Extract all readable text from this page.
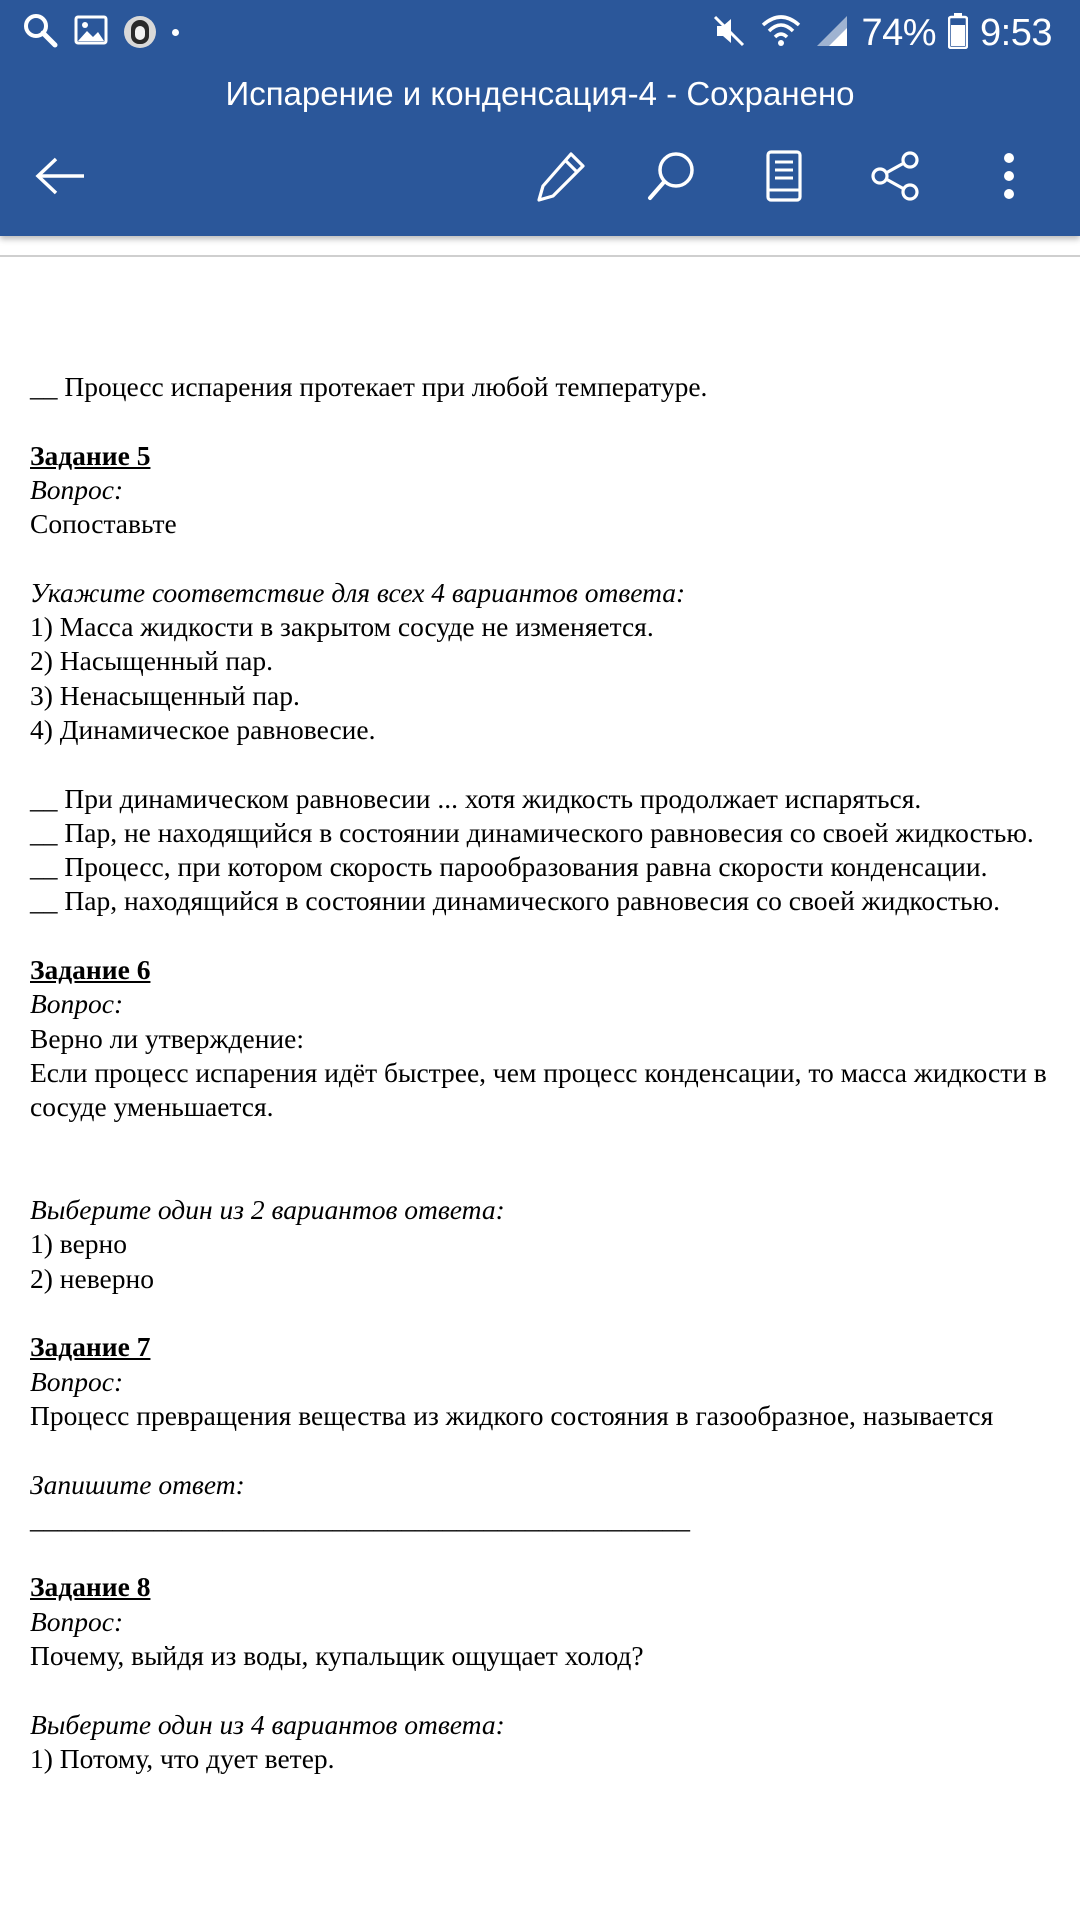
74% 9:53
Испарение и конденсация-4 - Сохранено

__ Процесс испарения протекает при любой температуре.

Задание 5

Вопрос:

Сопоставьте

Укажите соответствие для всех 4 вариантов ответа:

1) Масса жидкости в закрытом сосуде не изменяется.

2) Насыщенный пар.

3) Ненасыщенный пар.

4) Динамическое равновесие.

__ При динамическом равновесии ... хотя жидкость продолжает испаряться.

__ Пар, не находящийся в состоянии динамического равновесия со своей жидкостью.

__ Процесс, при котором скорость парообразования равна скорости конденсации.

__ Пар, находящийся в состоянии динамического равновесия со своей жидкостью.

Задание 6

Вопрос:

Верно ли утверждение:

Если процесс испарения идёт быстрее, чем процесс конденсации, то масса жидкости в сосуде уменьшается.

Выберите один из 2 вариантов ответа:

1) верно

2) неверно

Задание 7

Вопрос:

Процесс превращения вещества из жидкого состояния в газообразное, называется

Запишите ответ:

________________________________________________

Задание 8

Вопрос:

Почему, выйдя из воды, купальщик ощущает холод?

Выберите один из 4 вариантов ответа:

1) Потому, что дует ветер.
